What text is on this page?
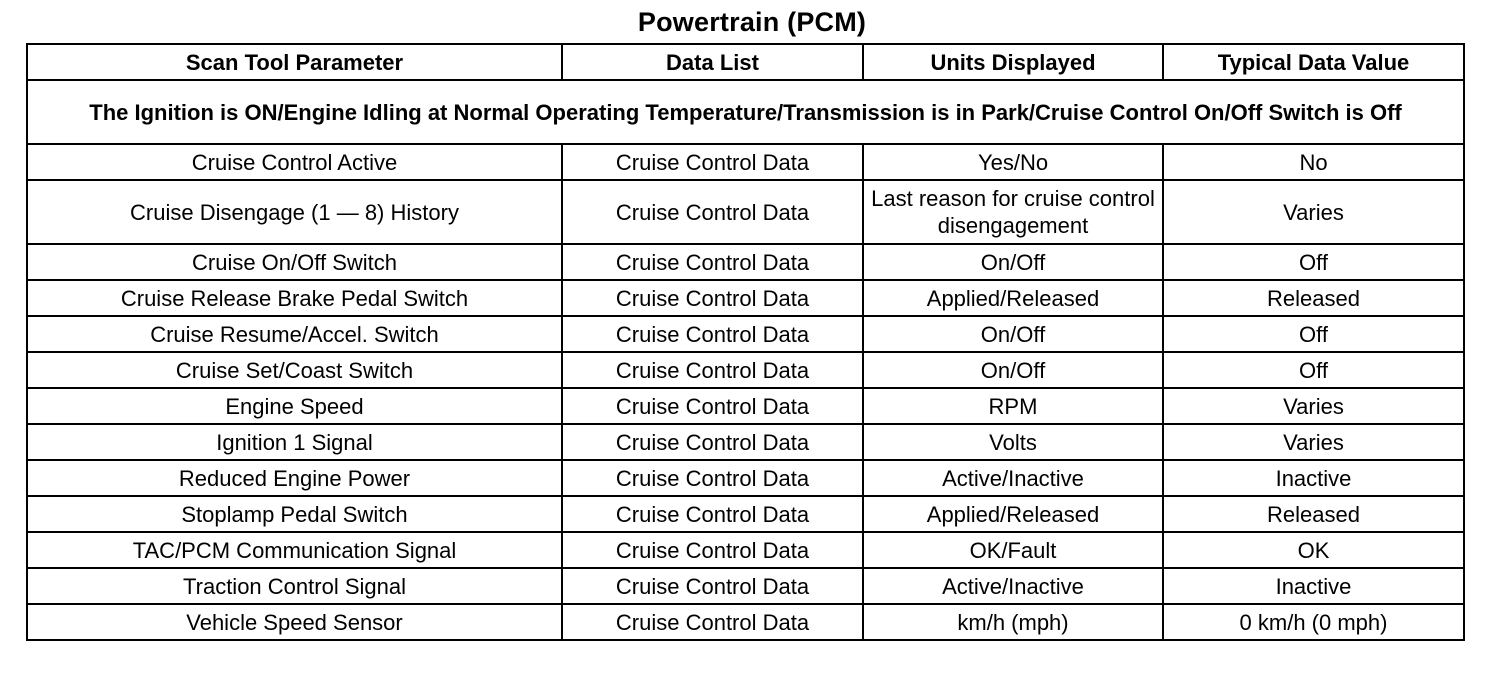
Powertrain (PCM)
Scan Tool Parameter	Data List	Units Displayed	Typical Data Value
The Ignition is ON/Engine Idling at Normal Operating Temperature/Transmission is in Park/Cruise Control On/Off Switch is Off			
Cruise Control Active	Cruise Control Data	Yes/No	No
Cruise Disengage (1 — 8) History	Cruise Control Data	Last reason for cruise control disengagement	Varies
Cruise On/Off Switch	Cruise Control Data	On/Off	Off
Cruise Release Brake Pedal Switch	Cruise Control Data	Applied/Released	Released
Cruise Resume/Accel. Switch	Cruise Control Data	On/Off	Off
Cruise Set/Coast Switch	Cruise Control Data	On/Off	Off
Engine Speed	Cruise Control Data	RPM	Varies
Ignition 1 Signal	Cruise Control Data	Volts	Varies
Reduced Engine Power	Cruise Control Data	Active/Inactive	Inactive
Stoplamp Pedal Switch	Cruise Control Data	Applied/Released	Released
TAC/PCM Communication Signal	Cruise Control Data	OK/Fault	OK
Traction Control Signal	Cruise Control Data	Active/Inactive	Inactive
Vehicle Speed Sensor	Cruise Control Data	km/h (mph)	0 km/h (0 mph)
